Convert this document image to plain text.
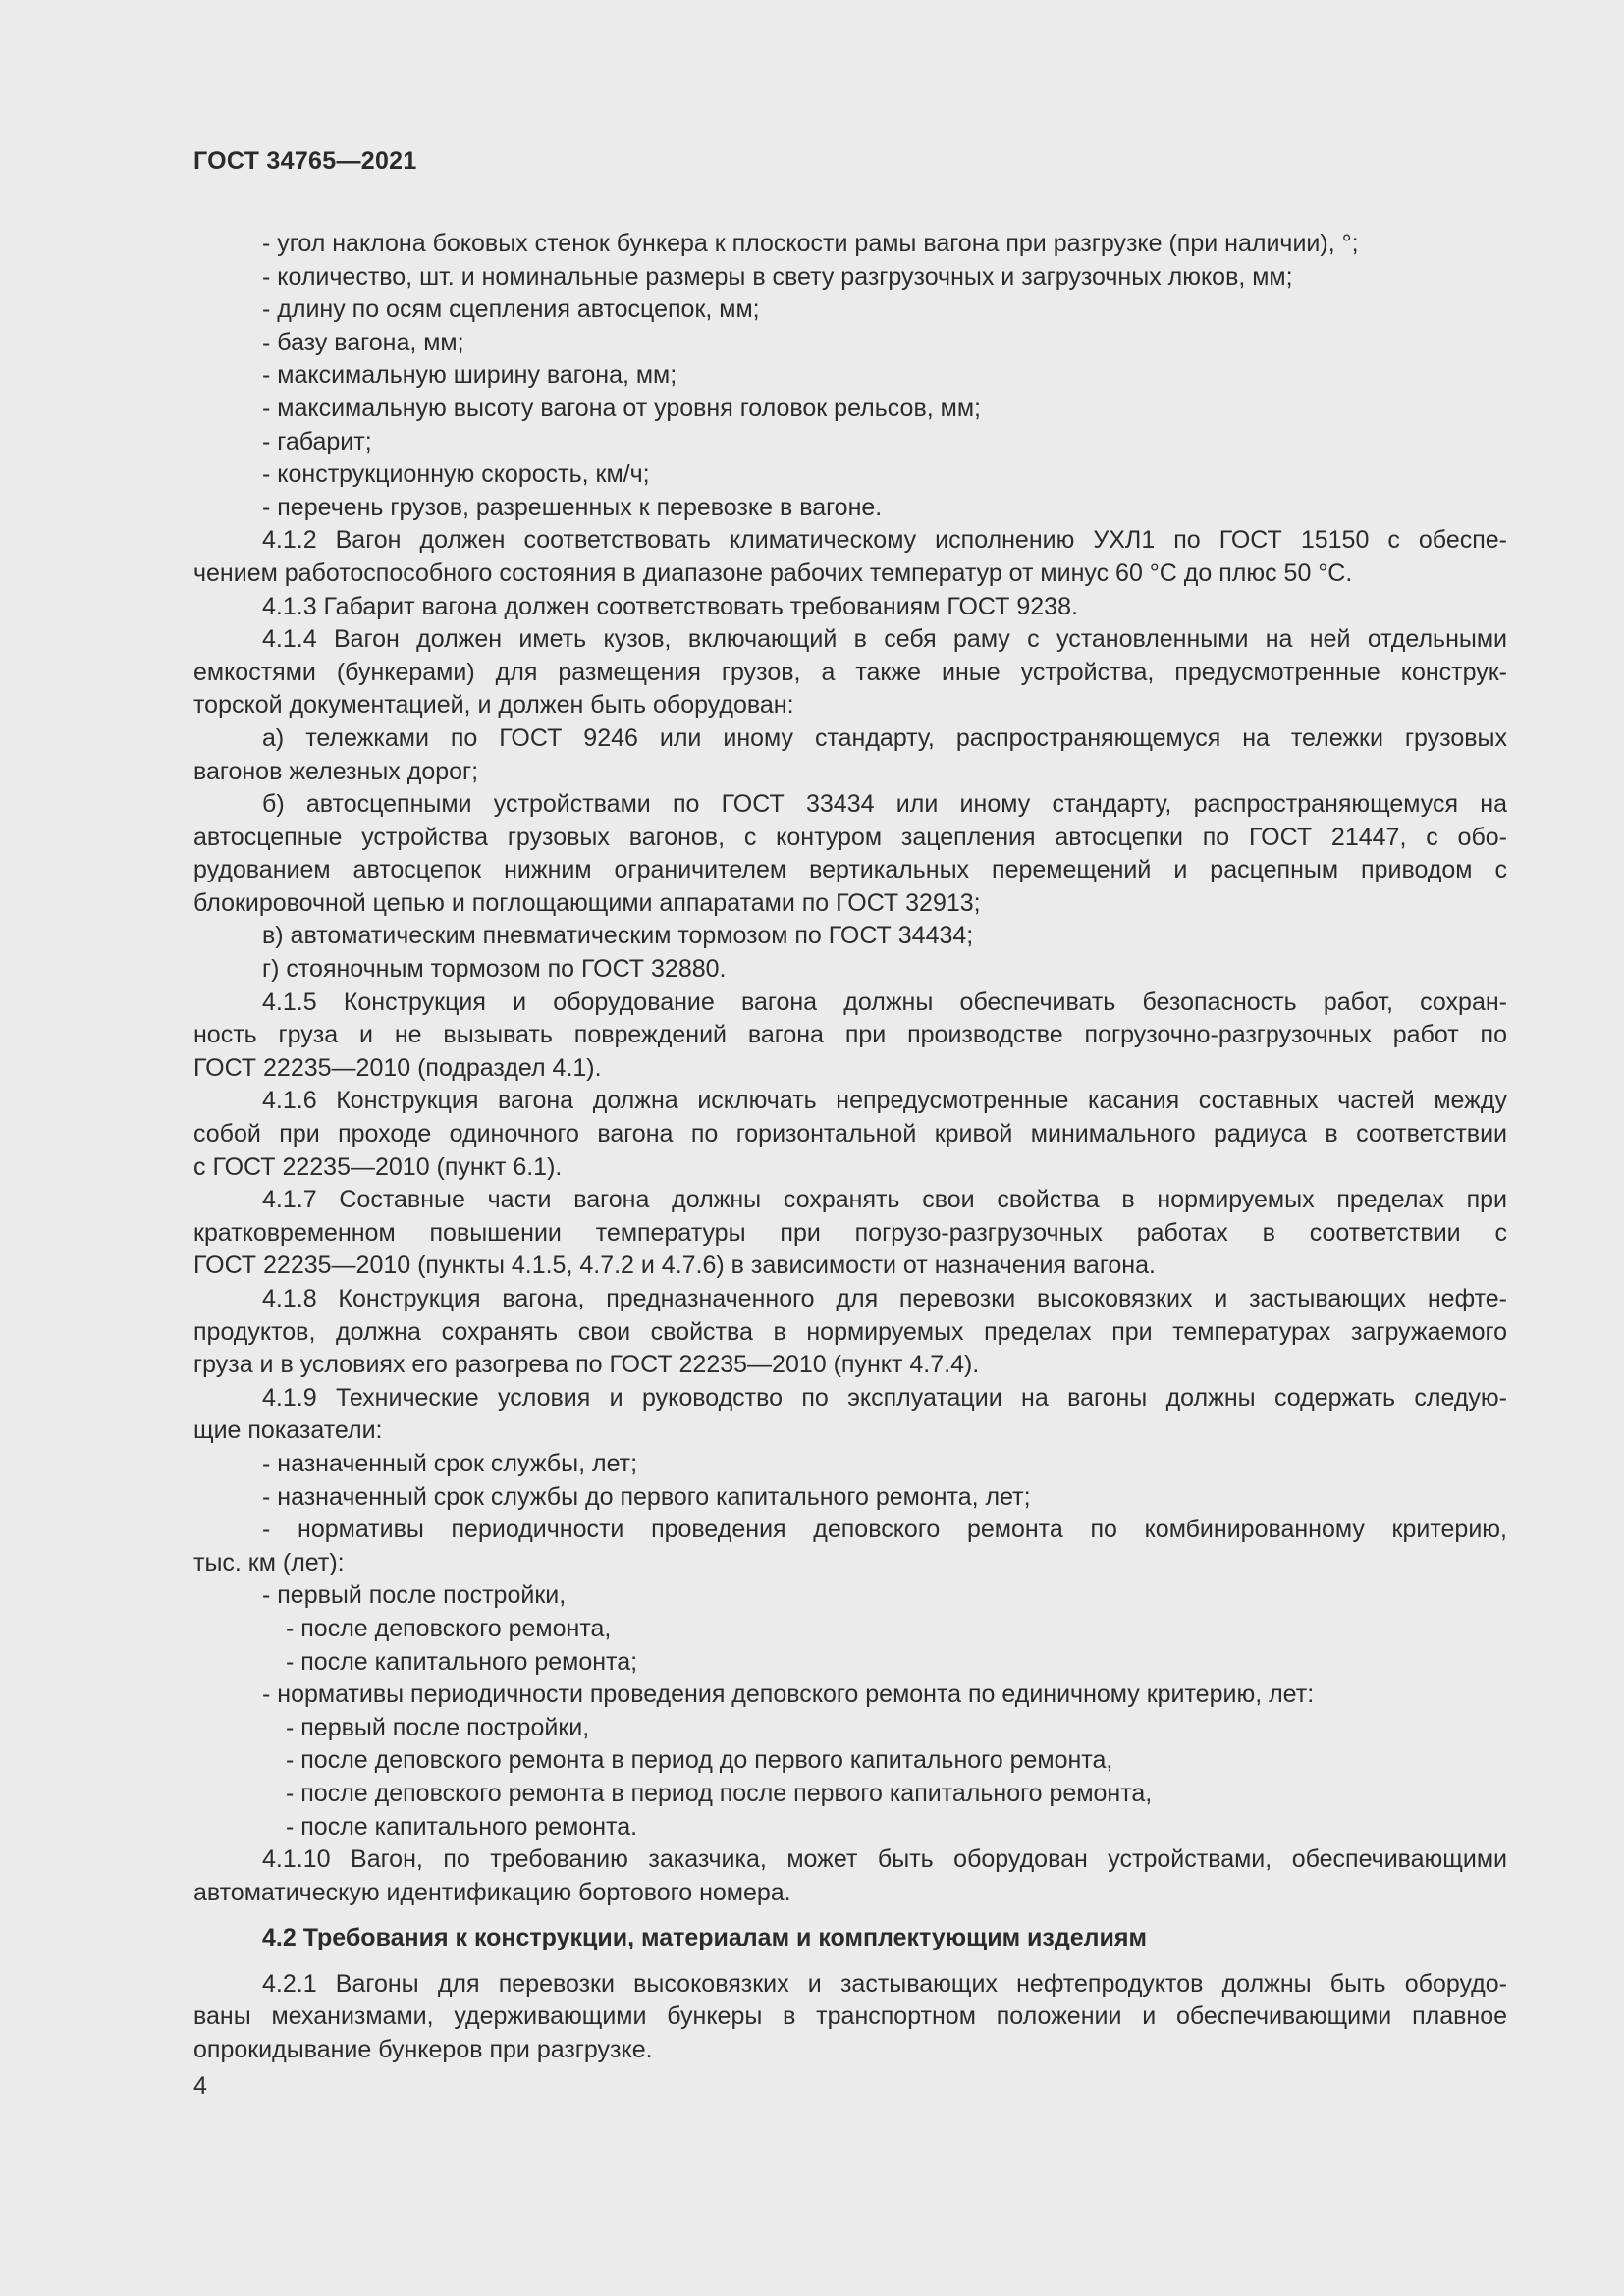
ГОСТ 34765—2021
- угол наклона боковых стенок бункера к плоскости рамы вагона при разгрузке (при наличии), °;
- количество, шт. и номинальные размеры в свету разгрузочных и загрузочных люков, мм;
- длину по осям сцепления автосцепок, мм;
- базу вагона, мм;
- максимальную ширину вагона, мм;
- максимальную высоту вагона от уровня головок рельсов, мм;
- габарит;
- конструкционную скорость, км/ч;
- перечень грузов, разрешенных к перевозке в вагоне.
4.1.2 Вагон должен соответствовать климатическому исполнению УХЛ1 по ГОСТ 15150 с обеспе-
чением работоспособного состояния в диапазоне рабочих температур от минус 60 °С до плюс 50 °С.
4.1.3 Габарит вагона должен соответствовать требованиям ГОСТ 9238.
4.1.4 Вагон должен иметь кузов, включающий в себя раму с установленными на ней отдельными
емкостями (бункерами) для размещения грузов, а также иные устройства, предусмотренные конструк-
торской документацией, и должен быть оборудован:
а) тележками по ГОСТ 9246 или иному стандарту, распространяющемуся на тележки грузовых
вагонов железных дорог;
б) автосцепными устройствами по ГОСТ 33434 или иному стандарту, распространяющемуся на
автосцепные устройства грузовых вагонов, с контуром зацепления автосцепки по ГОСТ 21447, с обо-
рудованием автосцепок нижним ограничителем вертикальных перемещений и расцепным приводом с
блокировочной цепью и поглощающими аппаратами по ГОСТ 32913;
в) автоматическим пневматическим тормозом по ГОСТ 34434;
г) стояночным тормозом по ГОСТ 32880.
4.1.5 Конструкция и оборудование вагона должны обеспечивать безопасность работ, сохран-
ность груза и не вызывать повреждений вагона при производстве погрузочно-разгрузочных работ по
ГОСТ 22235—2010 (подраздел 4.1).
4.1.6 Конструкция вагона должна исключать непредусмотренные касания составных частей между
собой при проходе одиночного вагона по горизонтальной кривой минимального радиуса в соответствии
с ГОСТ 22235—2010 (пункт 6.1).
4.1.7 Составные части вагона должны сохранять свои свойства в нормируемых пределах при
кратковременном повышении температуры при погрузо-разгрузочных работах в соответствии с
ГОСТ 22235—2010 (пункты 4.1.5, 4.7.2 и 4.7.6) в зависимости от назначения вагона.
4.1.8 Конструкция вагона, предназначенного для перевозки высоковязких и застывающих нефте-
продуктов, должна сохранять свои свойства в нормируемых пределах при температурах загружаемого
груза и в условиях его разогрева по ГОСТ 22235—2010 (пункт 4.7.4).
4.1.9 Технические условия и руководство по эксплуатации на вагоны должны содержать следую-
щие показатели:
- назначенный срок службы, лет;
- назначенный срок службы до первого капитального ремонта, лет;
- нормативы периодичности проведения деповского ремонта по комбинированному критерию,
тыс. км (лет):
- первый после постройки,
- после деповского ремонта,
- после капитального ремонта;
- нормативы периодичности проведения деповского ремонта по единичному критерию, лет:
- первый после постройки,
- после деповского ремонта в период до первого капитального ремонта,
- после деповского ремонта в период после первого капитального ремонта,
- после капитального ремонта.
4.1.10 Вагон, по требованию заказчика, может быть оборудован устройствами, обеспечивающими
автоматическую идентификацию бортового номера.
4.2 Требования к конструкции, материалам и комплектующим изделиям
4.2.1 Вагоны для перевозки высоковязких и застывающих нефтепродуктов должны быть оборудо-
ваны механизмами, удерживающими бункеры в транспортном положении и обеспечивающими плавное
опрокидывание бункеров при разгрузке.
4
